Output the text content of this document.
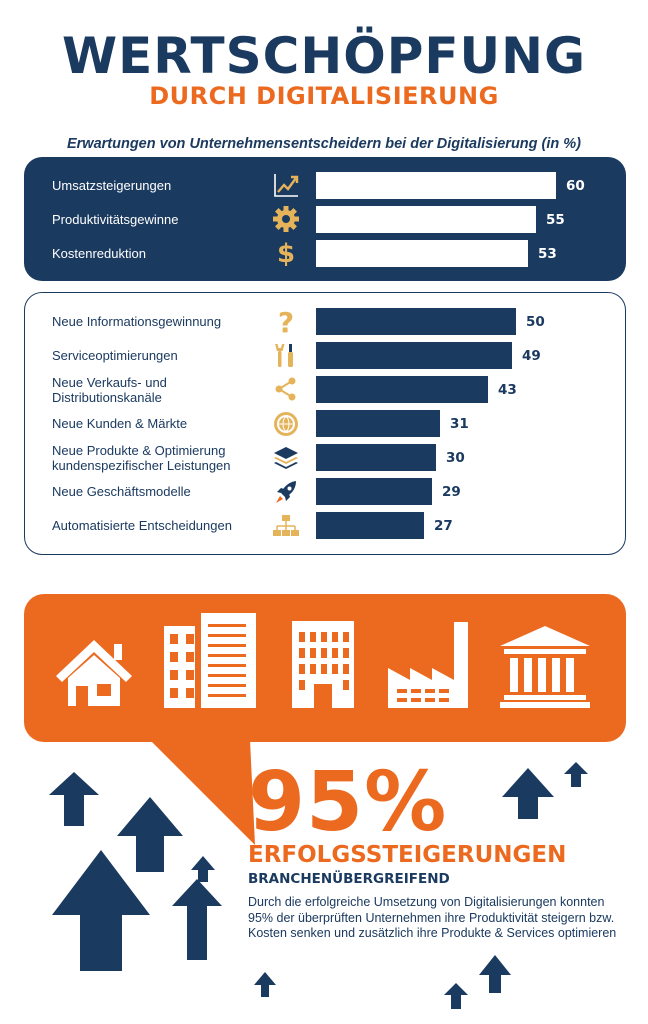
WERTSCHÖPFUNG
DURCH DIGITALISIERUNG
Erwartungen von Unternehmensentscheidern bei der Digitalisierung (in %)
60
Umsatzsteigerungen
55
Produktivitätsgewinne
53
Kostenreduktion
50
Neue Informationsgewinnung
49
Serviceoptimierungen
43
Neue Verkaufs- und
Distributionskanäle
31
Neue Kunden & Märkte
30
Neue Produkte & Optimierung
kundenspezifischer Leistungen
29
Neue Geschäftsmodelle
27
Automatisierte Entscheidungen
$
?
95%
ERFOLGSSTEIGERUNGEN
BRANCHENÜBERGREIFEND
Durch die erfolgreiche Umsetzung von Digitalisierungen konnten 95% der überprüften Unternehmen ihre Produktivität steigern bzw. Kosten senken und zusätzlich ihre Produkte & Services optimieren
